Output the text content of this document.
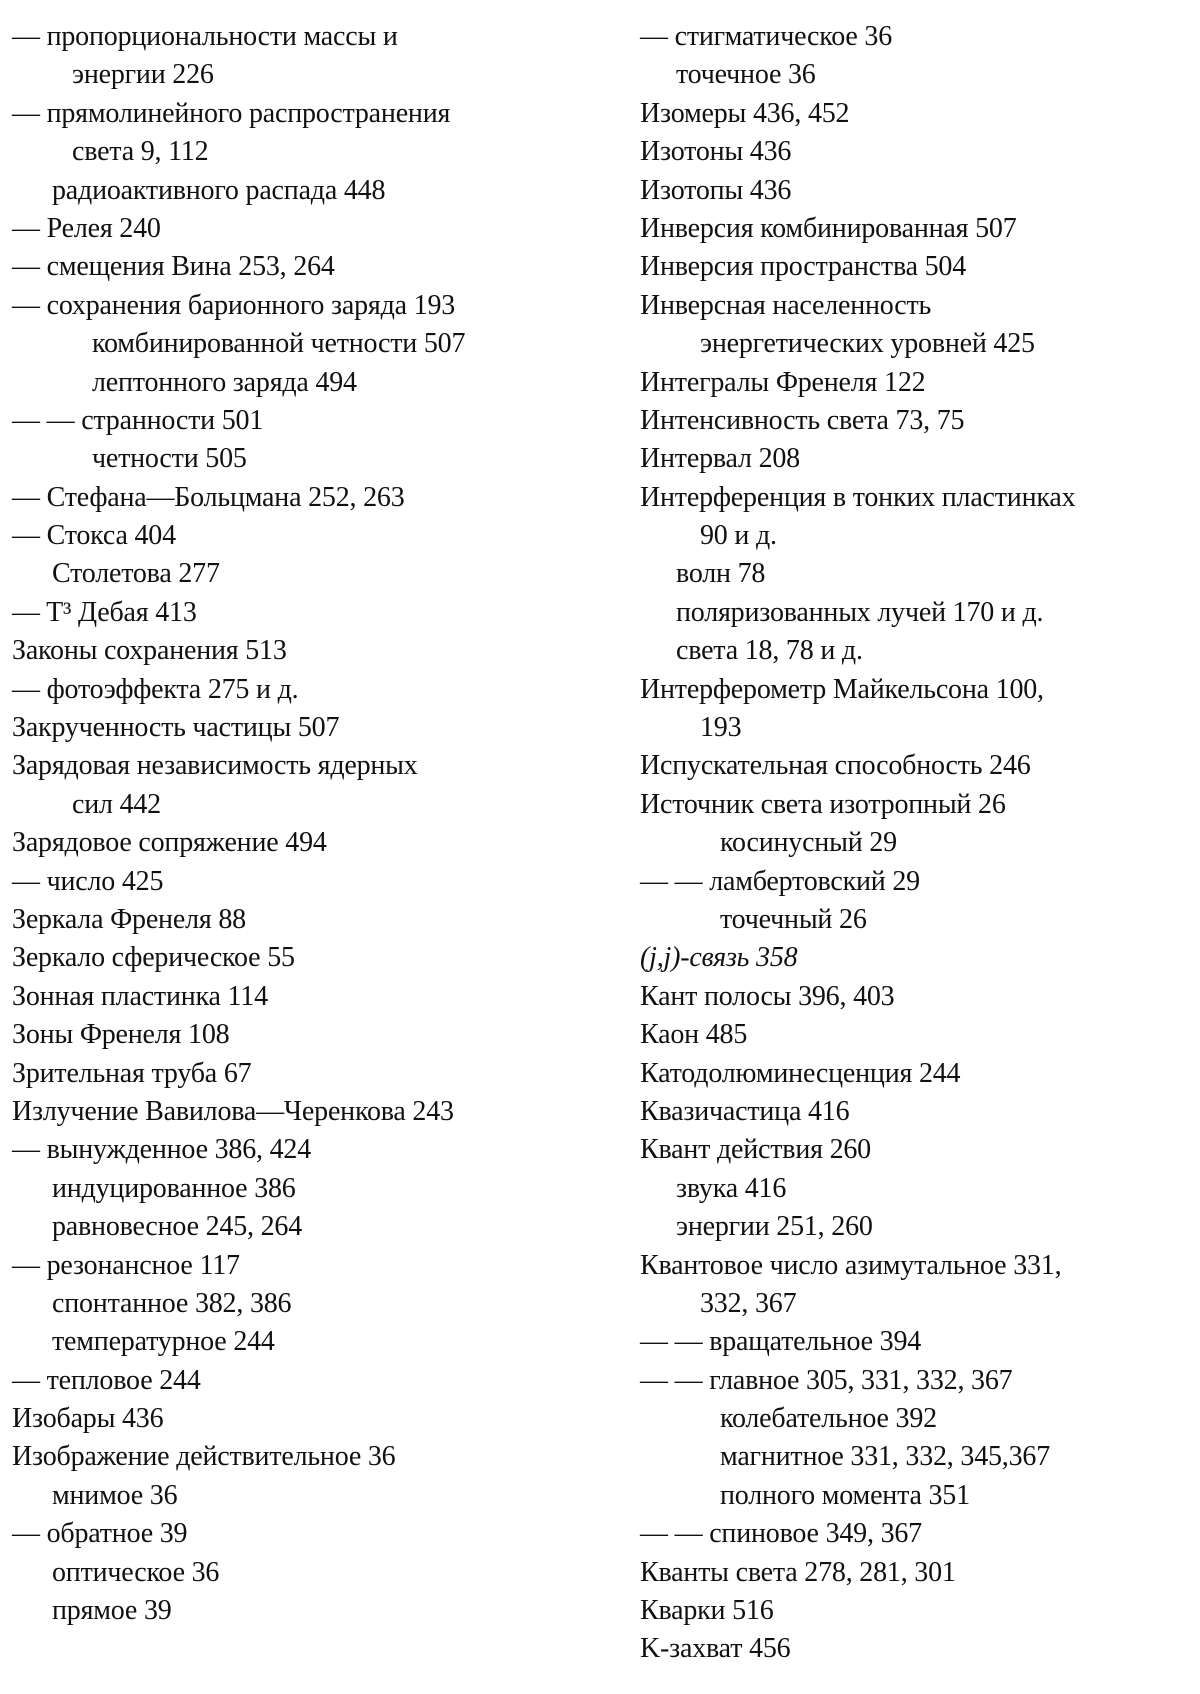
— пропорциональности массы и
энергии 226
— прямолинейного распространения
света 9, 112
радиоактивного распада 448
— Релея 240
— смещения Вина 253, 264
— сохранения барионного заряда 193
комбинированной четности 507
лептонного заряда 494
— — странности 501
четности 505
— Стефана—Больцмана 252, 263
— Стокса 404
Столетова 277
— T³ Дебая 413
Законы сохранения 513
— фотоэффекта 275 и д.
Закрученность частицы 507
Зарядовая независимость ядерных
сил 442
Зарядовое сопряжение 494
— число 425
Зеркала Френеля 88
Зеркало сферическое 55
Зонная пластинка 114
Зоны Френеля 108
Зрительная труба 67
Излучение Вавилова—Черенкова 243
— вынужденное 386, 424
индуцированное 386
равновесное 245, 264
— резонансное 117
спонтанное 382, 386
температурное 244
— тепловое 244
Изобары 436
Изображение действительное 36
мнимое 36
— обратное 39
оптическое 36
прямое 39
— стигматическое 36
точечное 36
Изомеры 436, 452
Изотоны 436
Изотопы 436
Инверсия комбинированная 507
Инверсия пространства 504
Инверсная населенность
энергетических уровней 425
Интегралы Френеля 122
Интенсивность света 73, 75
Интервал 208
Интерференция в тонких пластинках
90 и д.
волн 78
поляризованных лучей 170 и д.
света 18, 78 и д.
Интерферометр Майкельсона 100,
193
Испускательная способность 246
Источник света изотропный 26
косинусный 29
— — ламбертовский 29
точечный 26
(j,j)-связь 358
Кант полосы 396, 403
Каон 485
Катодолюминесценция 244
Квазичастица 416
Квант действия 260
звука 416
энергии 251, 260
Квантовое число азимутальное 331,
332, 367
— — вращательное 394
— — главное 305, 331, 332, 367
колебательное 392
магнитное 331, 332, 345,367
полного момента 351
— — спиновое 349, 367
Кванты света 278, 281, 301
Кварки 516
K-захват 456
